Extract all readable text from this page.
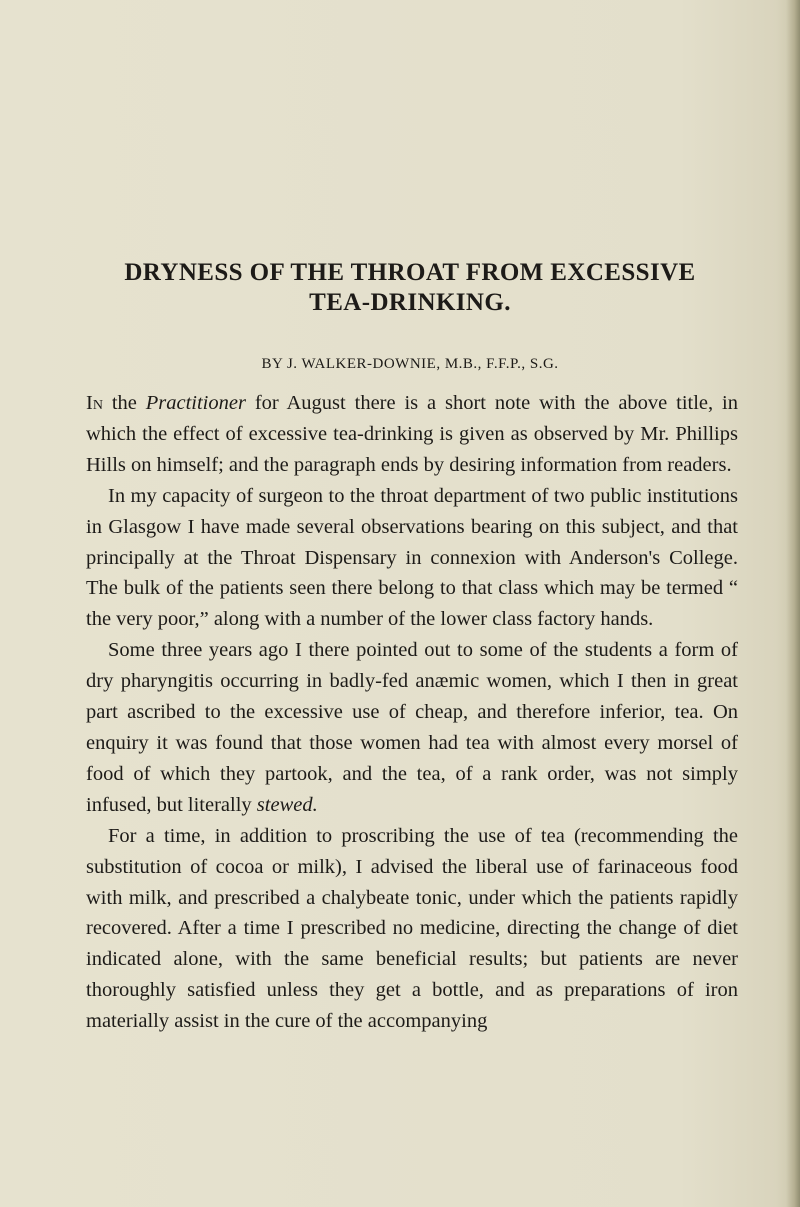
DRYNESS OF THE THROAT FROM EXCESSIVE
TEA-DRINKING.

BY J. WALKER-DOWNIE, M.B., F.F.P., S.G.

In the Practitioner for August there is a short note with the above title, in which the effect of excessive tea-drinking is given as observed by Mr. Phillips Hills on himself; and the paragraph ends by desiring information from readers.

In my capacity of surgeon to the throat department of two public institutions in Glasgow I have made several observations bearing on this subject, and that principally at the Throat Dispensary in connexion with Anderson's College. The bulk of the patients seen there belong to that class which may be termed “ the very poor,” along with a number of the lower class factory hands.

Some three years ago I there pointed out to some of the students a form of dry pharyngitis occurring in badly-fed anæmic women, which I then in great part ascribed to the excessive use of cheap, and therefore inferior, tea. On enquiry it was found that those women had tea with almost every morsel of food of which they partook, and the tea, of a rank order, was not simply infused, but literally stewed.

For a time, in addition to proscribing the use of tea (recommending the substitution of cocoa or milk), I advised the liberal use of farinaceous food with milk, and prescribed a chalybeate tonic, under which the patients rapidly recovered. After a time I prescribed no medicine, directing the change of diet indicated alone, with the same beneficial results; but patients are never thoroughly satisfied unless they get a bottle, and as preparations of iron materially assist in the cure of the accompanying
